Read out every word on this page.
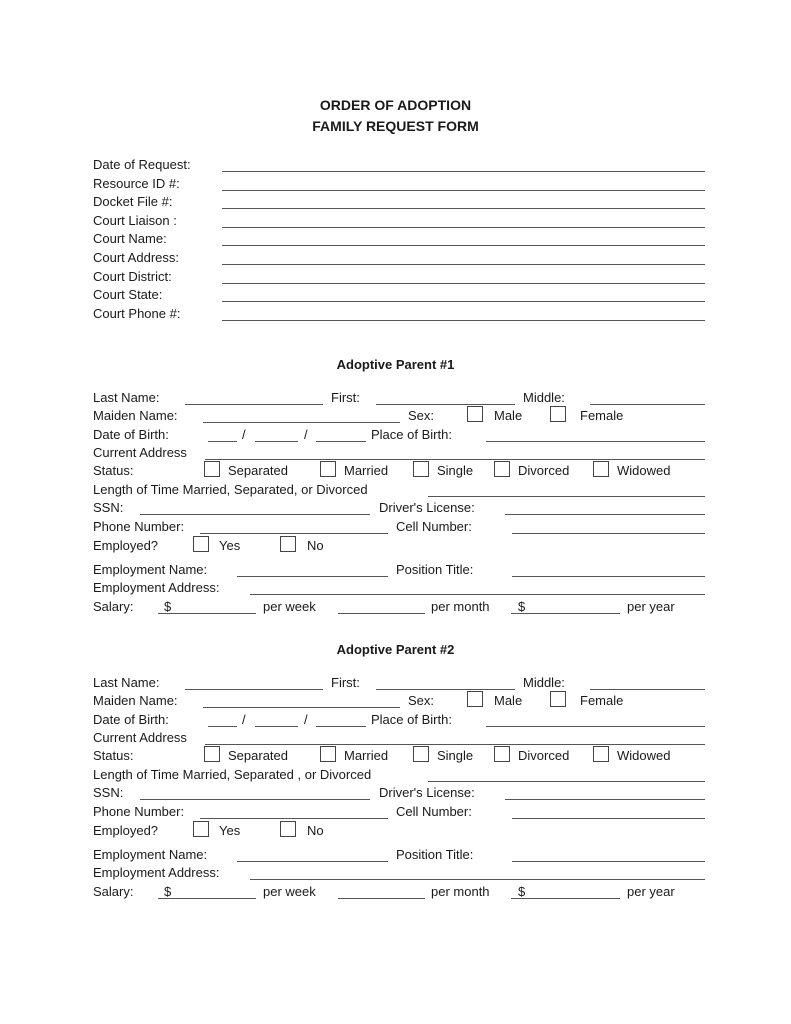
ORDER OF ADOPTION
FAMILY REQUEST FORM
Date of Request:
Resource ID #:
Docket File #:
Court Liaison :
Court Name:
Court Address:
Court District:
Court State:
Court Phone #:
Adoptive Parent #1
Last Name:	First:	Middle:
Maiden Name:	Sex:	Male	Female
Date of Birth:	/	/	Place of Birth:
Current Address
Status:	Separated	Married	Single	Divorced	Widowed
Length of Time Married, Separated, or Divorced
SSN:	Driver's License:
Phone Number:	Cell Number:
Employed?	Yes	No
Employment Name:	Position Title:
Employment Address:
Salary: $	per week	per month $	per year
Adoptive Parent #2
Last Name:	First:	Middle:
Maiden Name:	Sex:	Male	Female
Date of Birth:	/	/	Place of Birth:
Current Address
Status:	Separated	Married	Single	Divorced	Widowed
Length of Time Married, Separated , or Divorced
SSN:	Driver's License:
Phone Number:	Cell Number:
Employed?	Yes	No
Employment Name:	Position Title:
Employment Address:
Salary: $	per week	per month $	per year
